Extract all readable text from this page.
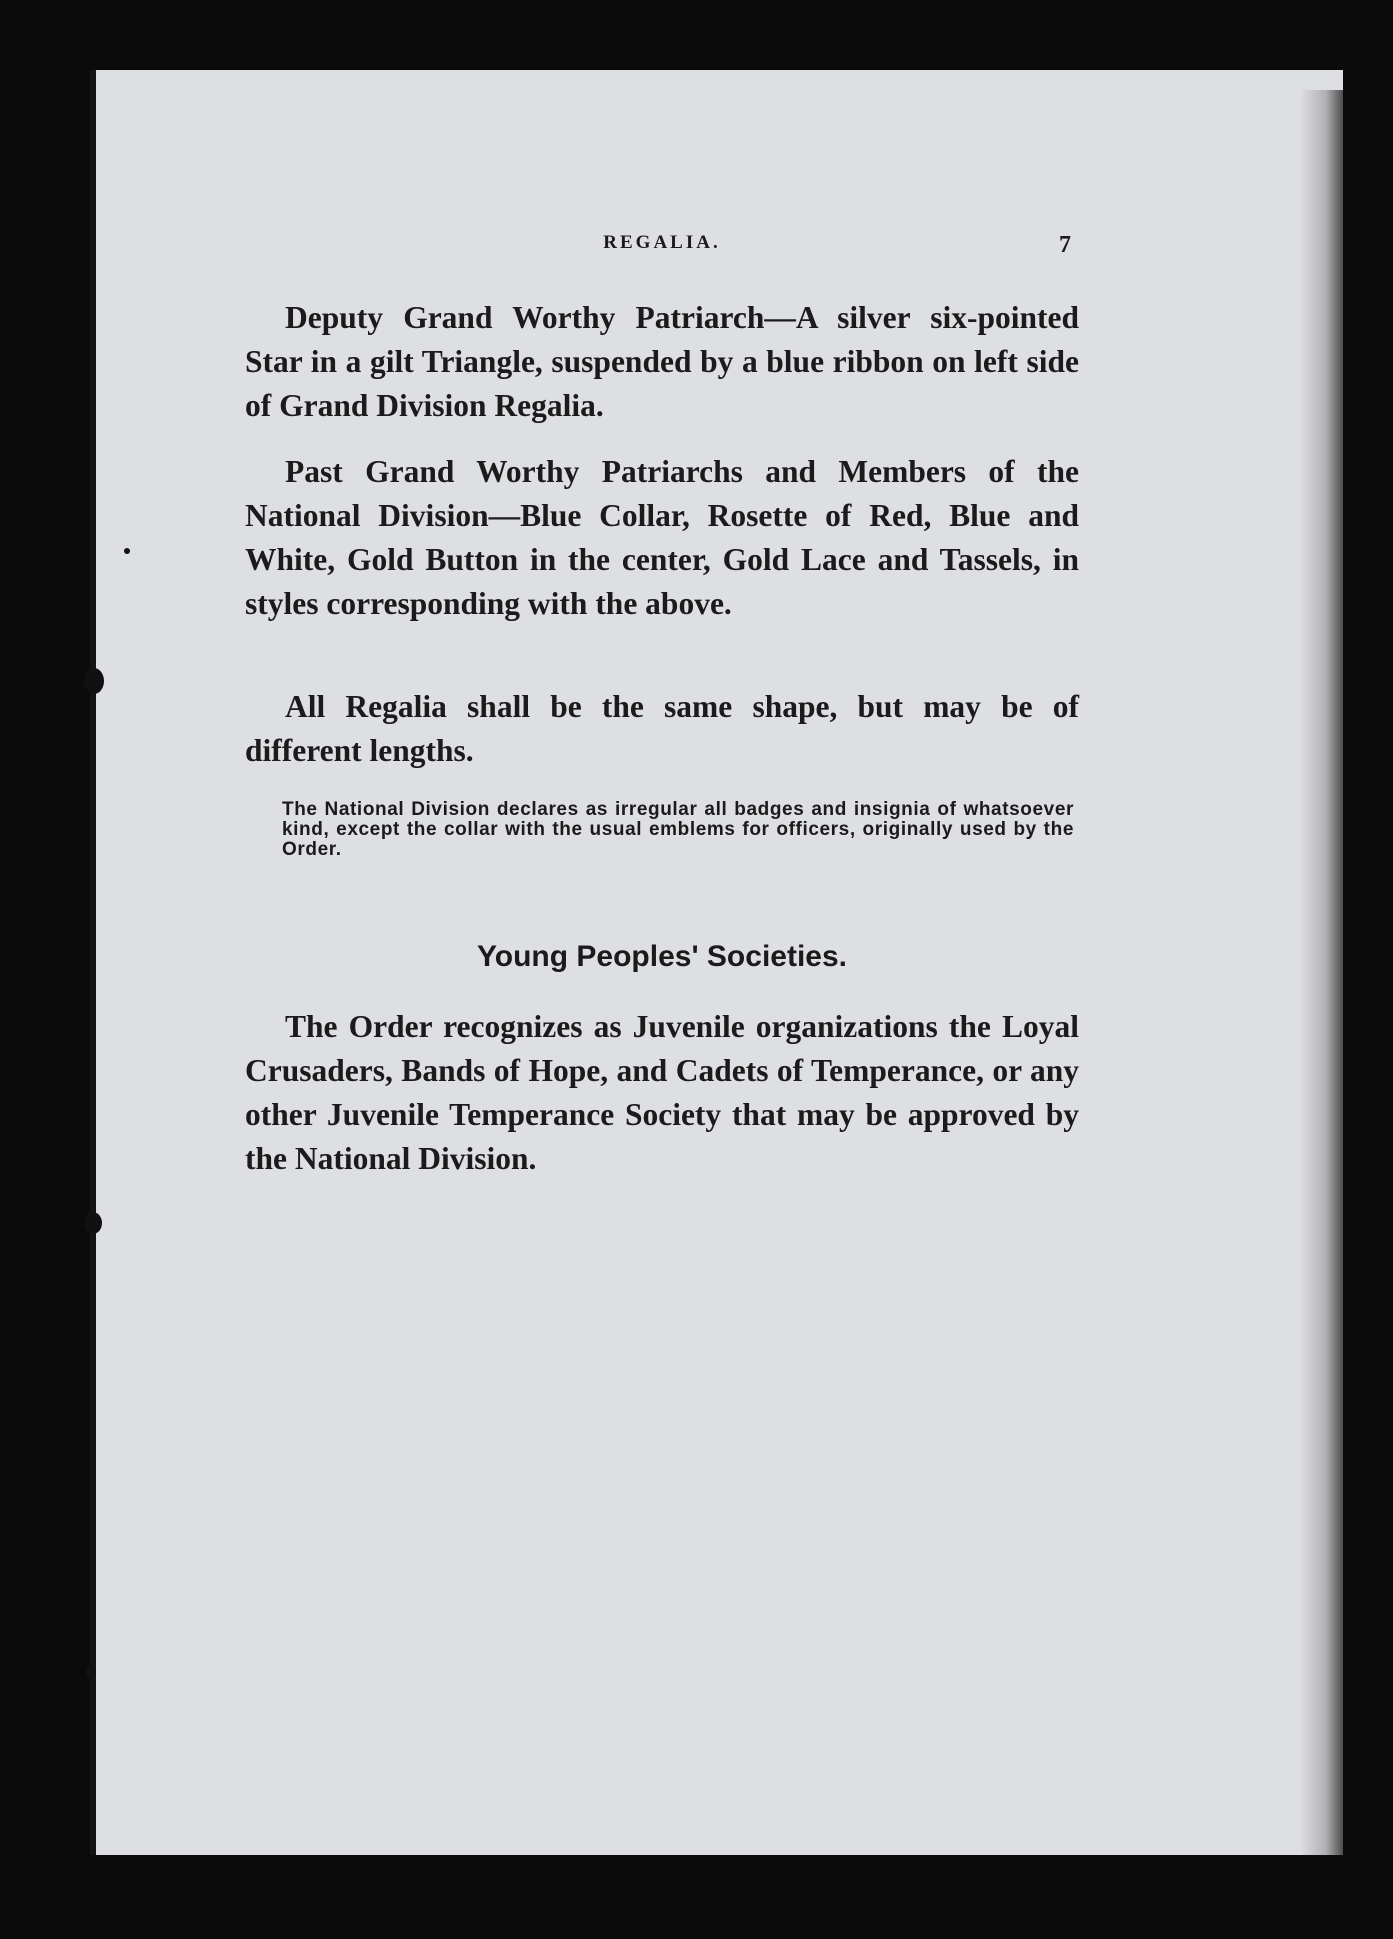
REGALIA.	7

Deputy Grand Worthy Patriarch—A silver six-pointed Star in a gilt Triangle, suspended by a blue ribbon on left side of Grand Division Regalia.

Past Grand Worthy Patriarchs and Members of the National Division—Blue Collar, Rosette of Red, Blue and White, Gold Button in the center, Gold Lace and Tassels, in styles corresponding with the above.

All Regalia shall be the same shape, but may be of different lengths.

The National Division declares as irregular all badges and insignia of whatsoever kind, except the collar with the usual emblems for officers, originally used by the Order.

Young Peoples' Societies.

The Order recognizes as Juvenile organizations the Loyal Crusaders, Bands of Hope, and Cadets of Temperance, or any other Juvenile Temperance Society that may be approved by the National Division.
